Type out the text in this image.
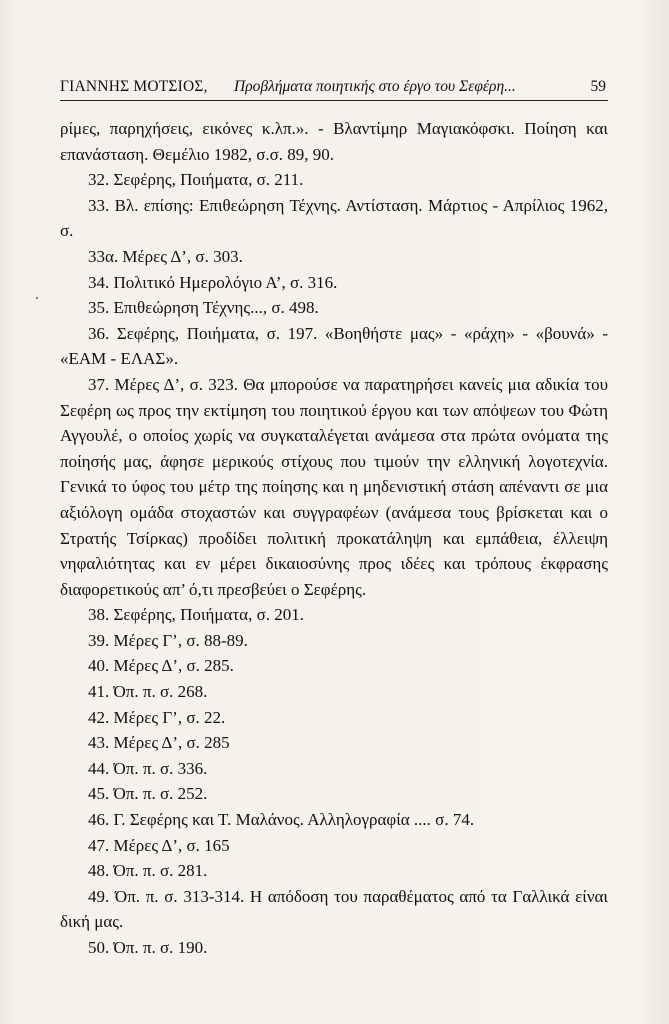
ΓΙΑΝΝΗΣ ΜΟΤΣΙΟΣ, Προβλήματα ποιητικής στο έργο του Σεφέρη...	59

ρίμες, παρηχήσεις, εικόνες κ.λπ.». - Βλαντίμηρ Μαγιακόφσκι. Ποίηση και επανάσταση. Θεμέλιο 1982, σ.σ. 89, 90.

32. Σεφέρης, Ποιήματα, σ. 211.

33. Βλ. επίσης: Επιθεώρηση Τέχνης. Αντίσταση. Μάρτιος - Απρίλιος 1962, σ.

33α. Μέρες Δ’, σ. 303.

34. Πολιτικό Ημερολόγιο Α’, σ. 316.

35. Επιθεώρηση Τέχνης..., σ. 498.

36. Σεφέρης, Ποιήματα, σ. 197. «Βοηθήστε μας» - «ράχη» - «βουνά» - «ΕΑΜ - ΕΛΑΣ».

37. Μέρες Δ’, σ. 323. Θα μπορούσε να παρατηρήσει κανείς μια αδικία του Σεφέρη ως προς την εκτίμηση του ποιητικού έργου και των απόψεων του Φώτη Αγγουλέ, ο οποίος χωρίς να συγκαταλέγεται ανάμεσα στα πρώτα ονόματα της ποίησής μας, άφησε μερικούς στίχους που τιμούν την ελληνική λογοτεχνία. Γενικά το ύφος του μέτρ της ποίησης και η μηδενιστική στάση απέναντι σε μια αξιόλογη ομάδα στοχαστών και συγγραφέων (ανάμεσα τους βρίσκεται και ο Στρατής Τσίρκας) προδίδει πολιτική προκατάληψη και εμπάθεια, έλλειψη νηφαλιότητας και εν μέρει δικαιοσύνης προς ιδέες και τρόπους έκφρασης διαφορετικούς απ’ ό,τι πρεσβεύει ο Σεφέρης.

38. Σεφέρης, Ποιήματα, σ. 201.

39. Μέρες Γ’, σ. 88-89.

40. Μέρες Δ’, σ. 285.

41. Όπ. π. σ. 268.

42. Μέρες Γ’, σ. 22.

43. Μέρες Δ’, σ. 285

44. Όπ. π. σ. 336.

45. Όπ. π. σ. 252.

46. Γ. Σεφέρης και Τ. Μαλάνος. Αλληλογραφία .... σ. 74.

47. Μέρες Δ’, σ. 165

48. Όπ. π. σ. 281.

49. Όπ. π. σ. 313-314. Η απόδοση του παραθέματος από τα Γαλλικά είναι δική μας.

50. Όπ. π. σ. 190.
